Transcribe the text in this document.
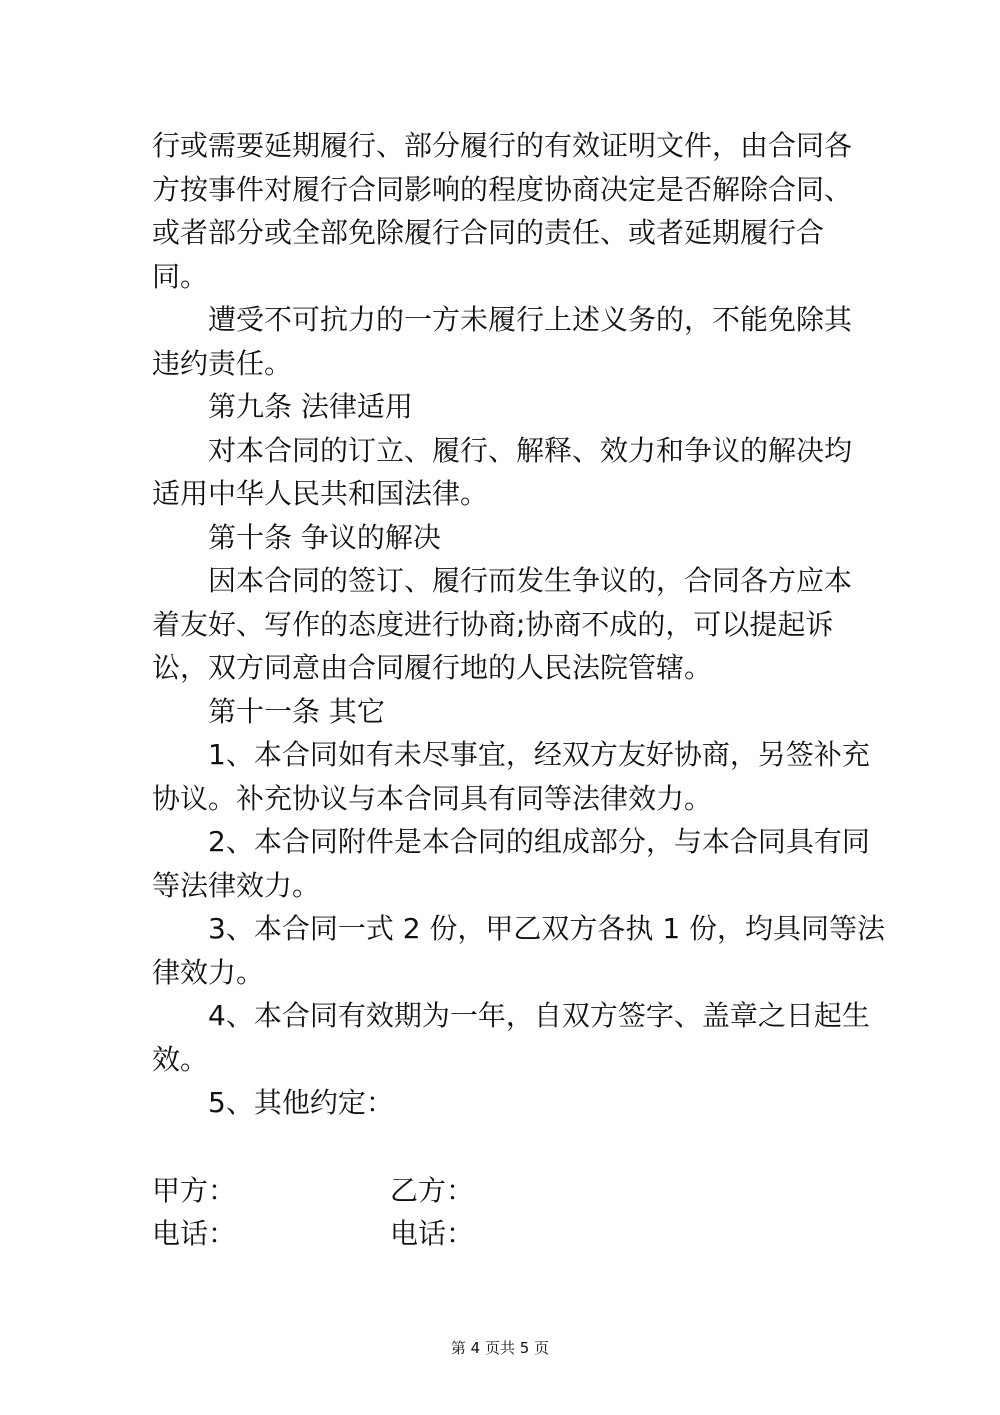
行或需要延期履行、部分履行的有效证明文件，由合同各

方按事件对履行合同影响的程度协商决定是否解除合同、

或者部分或全部免除履行合同的责任、或者延期履行合

同。

遭受不可抗力的一方未履行上述义务的，不能免除其

违约责任。

第九条 法律适用

对本合同的订立、履行、解释、效力和争议的解决均

适用中华人民共和国法律。

第十条 争议的解决

因本合同的签订、履行而发生争议的，合同各方应本

着友好、写作的态度进行协商;协商不成的，可以提起诉

讼，双方同意由合同履行地的人民法院管辖。

第十一条 其它

1、本合同如有未尽事宜，经双方友好协商，另签补充

协议。补充协议与本合同具有同等法律效力。

2、本合同附件是本合同的组成部分，与本合同具有同

等法律效力。

3、本合同一式 2 份，甲乙双方各执 1 份，均具同等法

律效力。

4、本合同有效期为一年，自双方签字、盖章之日起生

效。

5、其他约定：

甲方：	乙方：
电话：	电话：
第 4 页共 5 页
